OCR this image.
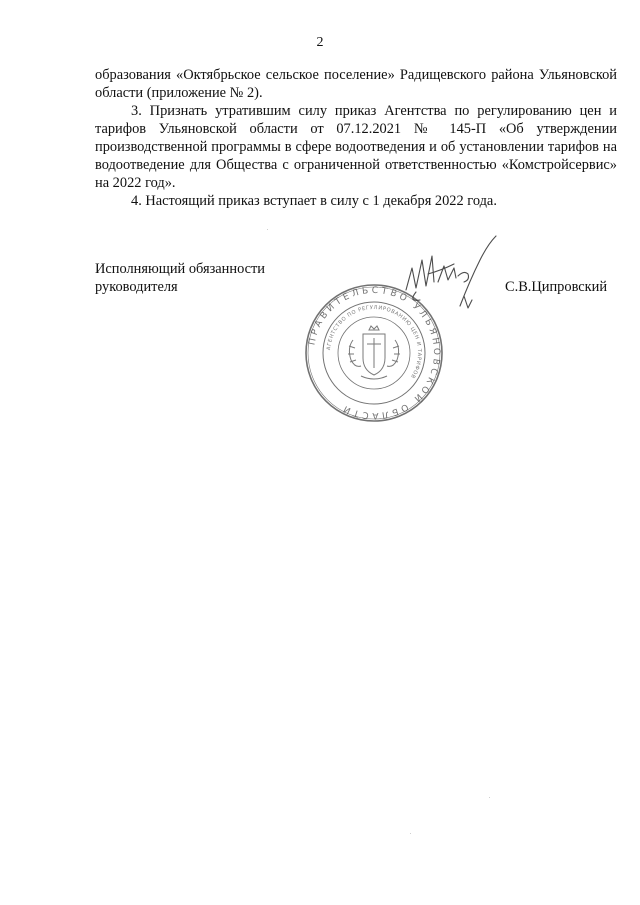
2

образования «Октябрьское сельское поселение» Радищевского района Ульяновской области (приложение № 2).

3. Признать утратившим силу приказ Агентства по регулированию цен и тарифов Ульяновской области от 07.12.2021 № 145-П «Об утверждении производственной программы в сфере водоотведения и об установлении тарифов на водоотведение для Общества с ограниченной ответственностью «Комстройсервис» на 2022 год».

4. Настоящий приказ вступает в силу с 1 декабря 2022 года.

Исполняющий обязанности
руководителя	С.В.Ципровский
ПРАВИТЕЛЬСТВО УЛЬЯНОВСКОЙ ОБЛАСТИ
АГЕНТСТВО ПО РЕГУЛИРОВАНИЮ ЦЕН И ТАРИФОВ
